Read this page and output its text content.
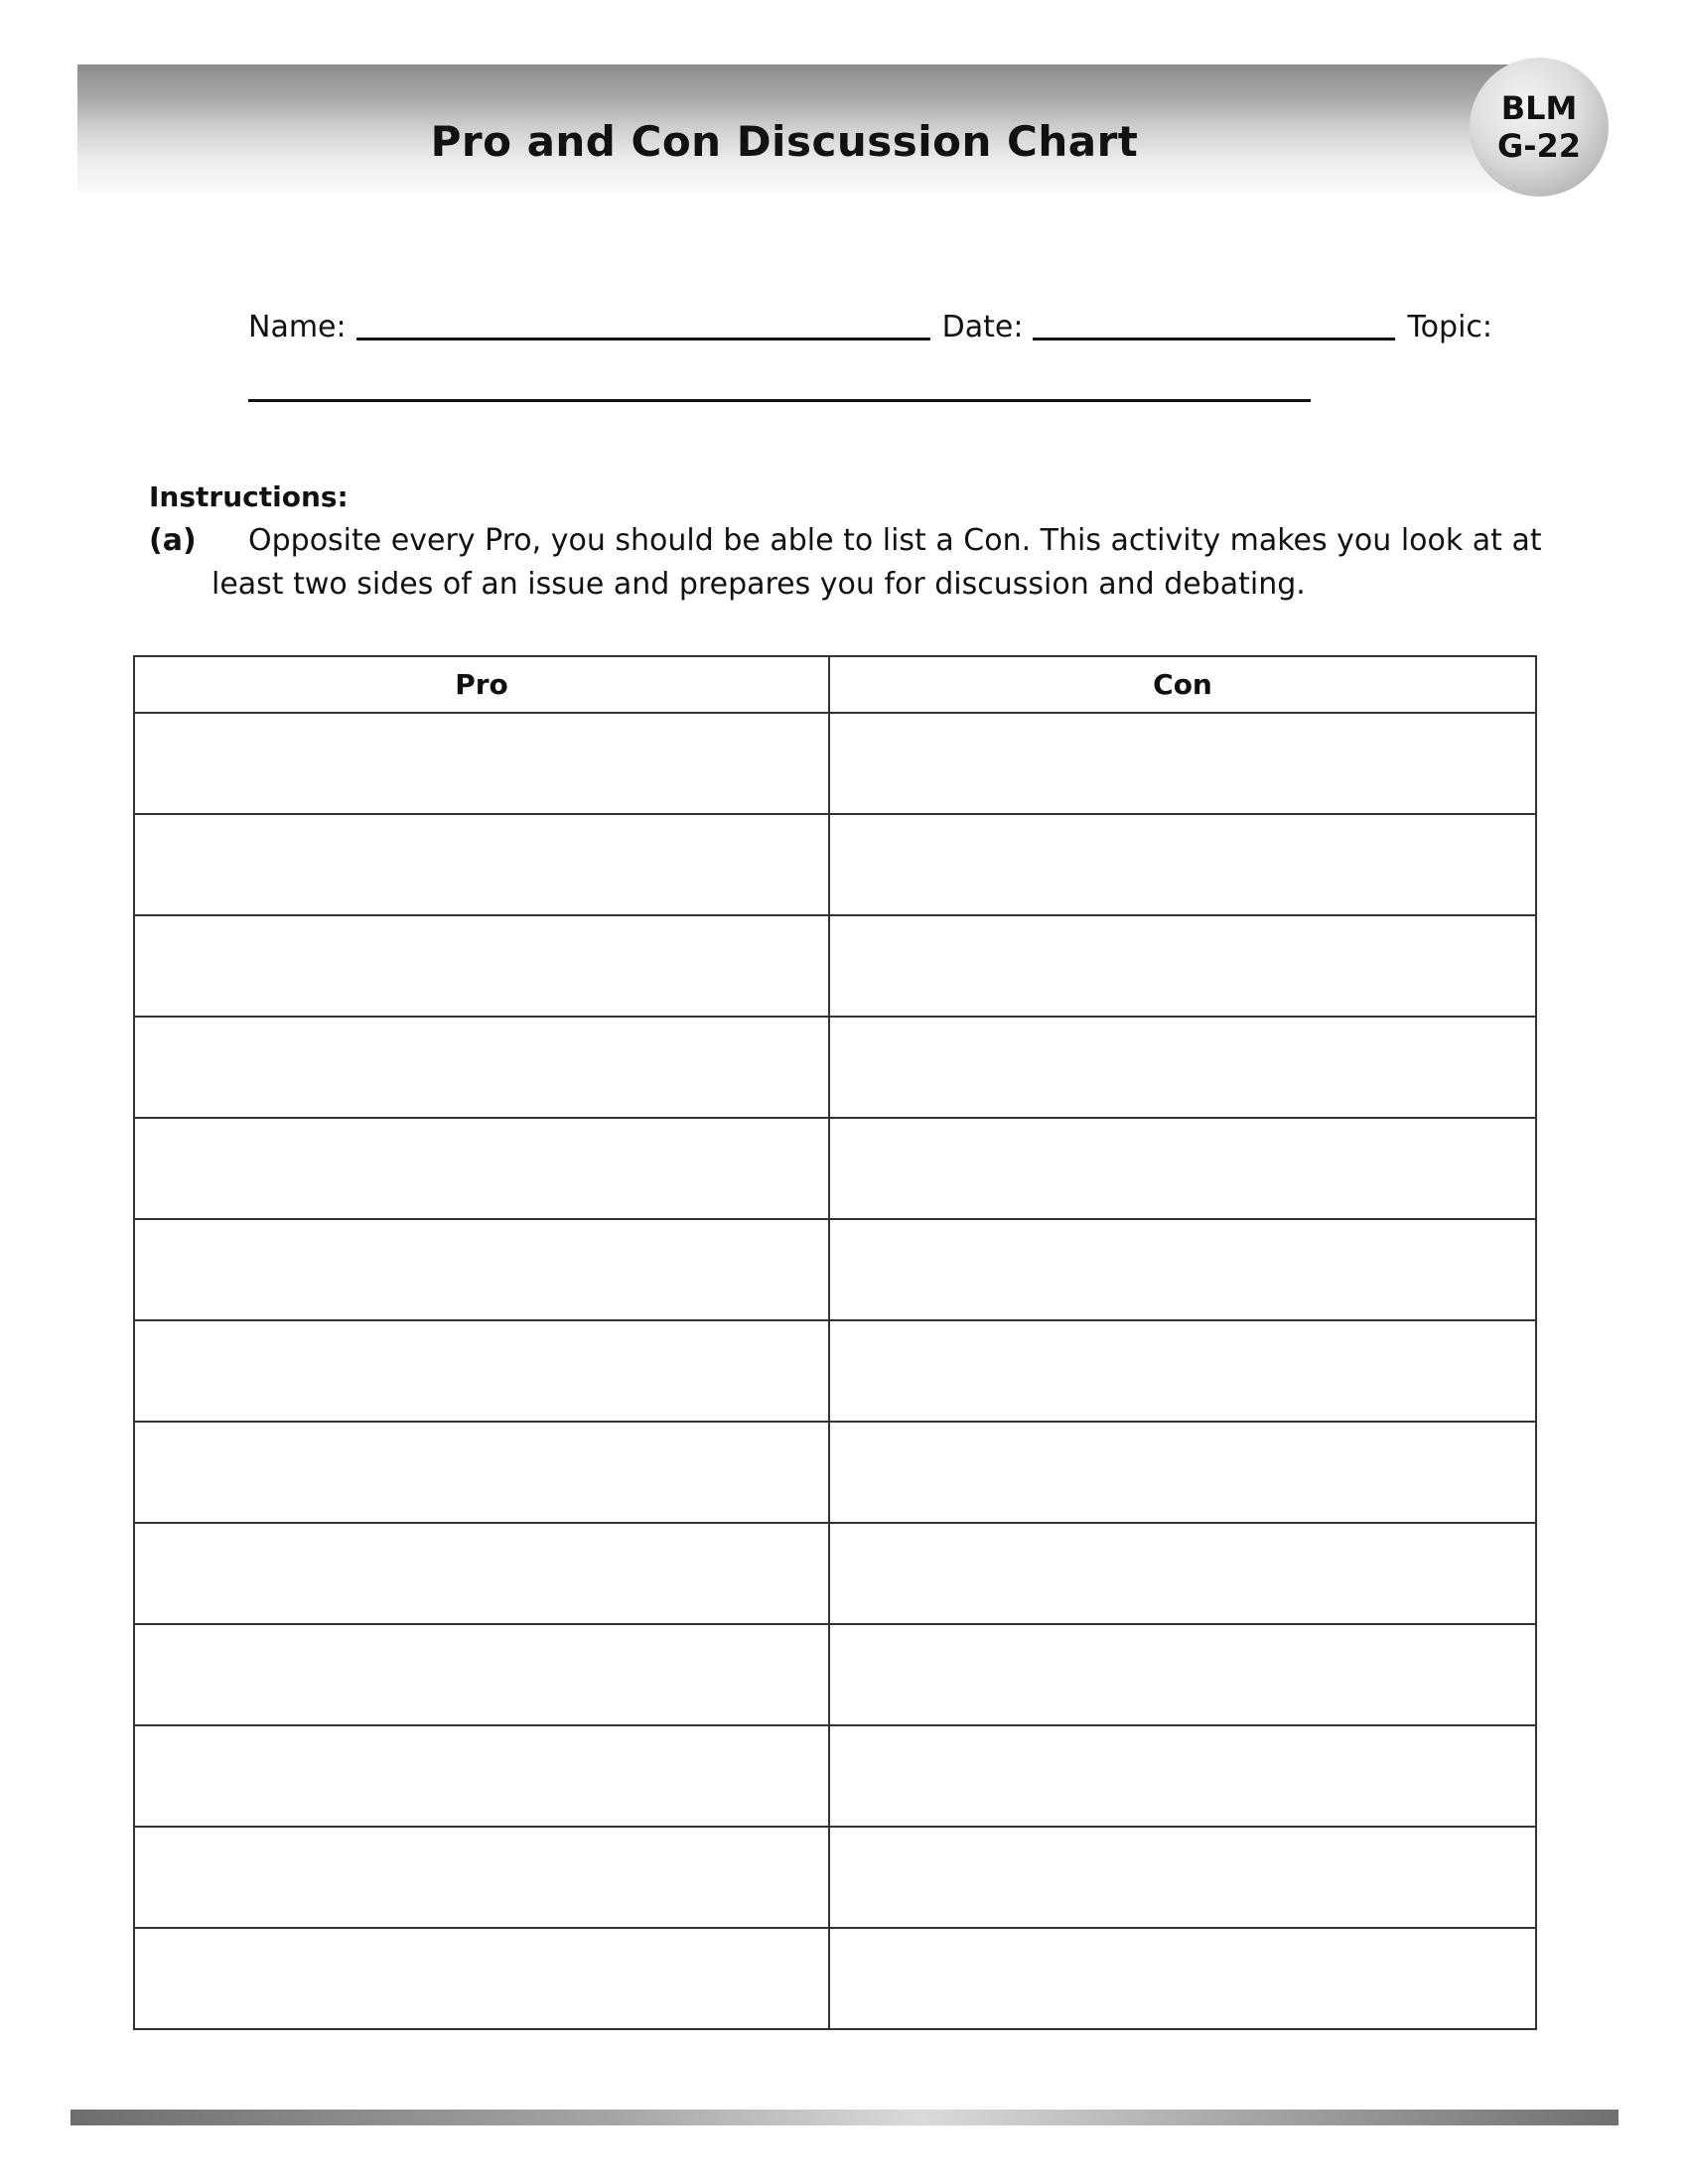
Pro and Con Discussion Chart
BLM
G-22
Name:	Date:	Topic:
Instructions:
(a) Opposite every Pro, you should be able to list a Con. This activity makes you look at at
least two sides of an issue and prepares you for discussion and debating.
Pro	Con
